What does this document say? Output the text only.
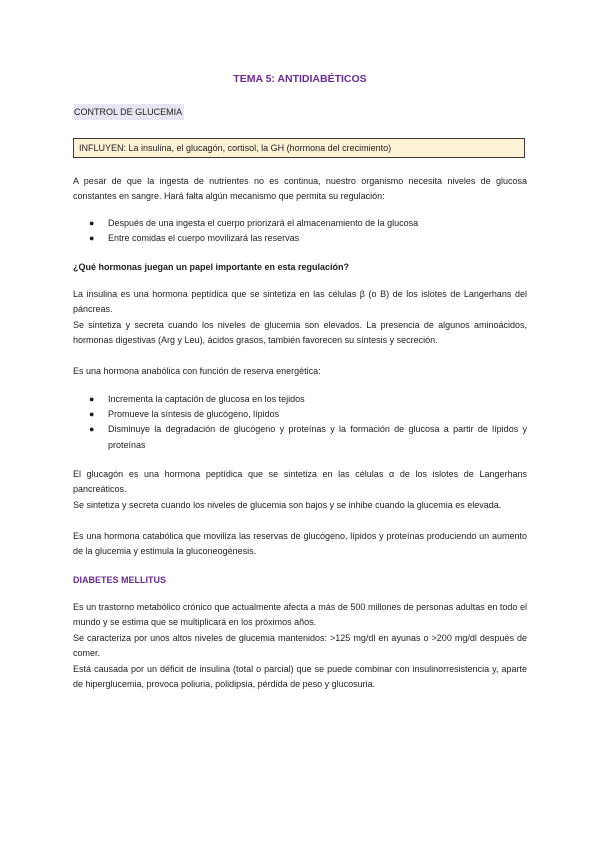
TEMA 5: ANTIDIABÉTICOS
CONTROL DE GLUCEMIA
INFLUYEN: La insulina, el glucagón, cortisol, la GH (hormona del crecimiento)

A pesar de que la ingesta de nutrientes no es continua, nuestro organismo necesita niveles de glucosa constantes en sangre. Hará falta algún mecanismo que permita su regulación:

● Después de una ingesta el cuerpo priorizará el almacenamiento de la glucosa
● Entre comidas el cuerpo movilizará las reservas
¿Qué hormonas juegan un papel importante en esta regulación?

La insulina es una hormona peptídica que se sintetiza en las células β (o B) de los islotes de Langerhans del páncreas.

Se sintetiza y secreta cuando los niveles de glucemia son elevados. La presencia de algunos aminoácidos, hormonas digestivas (Arg y Leu), ácidos grasos, también favorecen su síntesis y secreción.

Es una hormona anabólica con función de reserva energética:

● Incrementa la captación de glucosa en los tejidos
● Promueve la síntesis de glucógeno, lípidos
● Disminuye la degradación de glucógeno y proteínas y la formación de glucosa a partir de lípidos y proteínas

El glucagón es una hormona peptídica que se sintetiza en las células α de los islotes de Langerhans pancreáticos.

Se sintetiza y secreta cuando los niveles de glucemia son bajos y se inhibe cuando la glucemia es elevada.

Es una hormona catabólica que moviliza las reservas de glucógeno, lípidos y proteínas produciendo un aumento de la glucemia y estimula la gluconeogénesis.

DIABETES MELLITUS

Es un trastorno metabólico crónico que actualmente afecta a más de 500 millones de personas adultas en todo el mundo y se estima que se multiplicará en los próximos años.

Se caracteriza por unos altos niveles de glucemia mantenidos: >125 mg/dl en ayunas o >200 mg/dl después de comer.

Está causada por un déficit de insulina (total o parcial) que se puede combinar con insulinorresistencia y, aparte de hiperglucemia, provoca poliuria, polidipsia, pérdida de peso y glucosuria.
